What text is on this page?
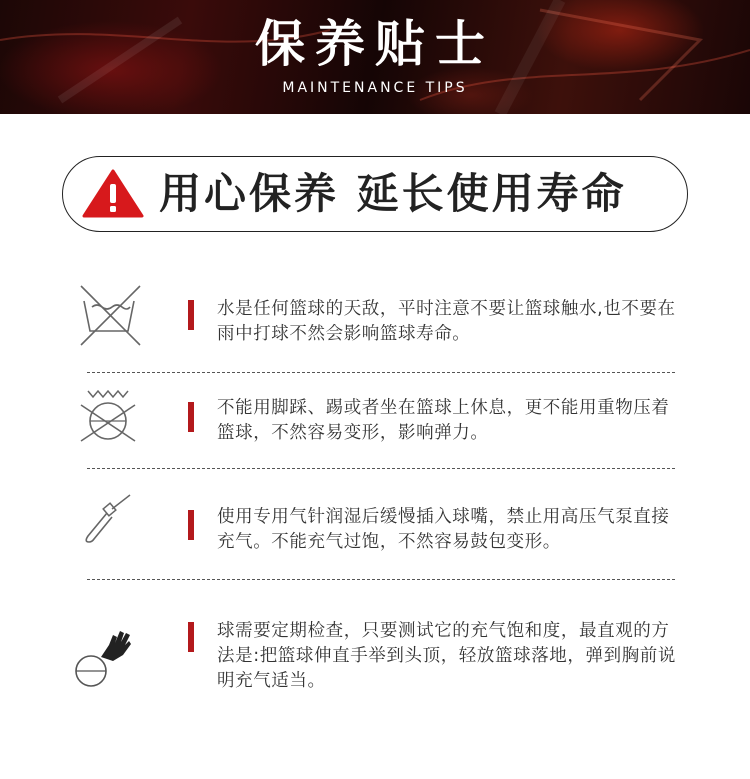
保养贴士
MAINTENANCE TIPS
用心保养 延长使用寿命
水是任何篮球的天敌，平时注意不要让篮球触水,也不要在雨中打球不然会影响篮球寿命。
不能用脚踩、踢或者坐在篮球上休息，更不能用重物压着篮球，不然容易变形，影响弹力。
使用专用气针润湿后缓慢插入球嘴，禁止用高压气泵直接充气。不能充气过饱，不然容易鼓包变形。
球需要定期检查，只要测试它的充气饱和度，最直观的方法是:把篮球伸直手举到头顶，轻放篮球落地，弹到胸前说明充气适当。
